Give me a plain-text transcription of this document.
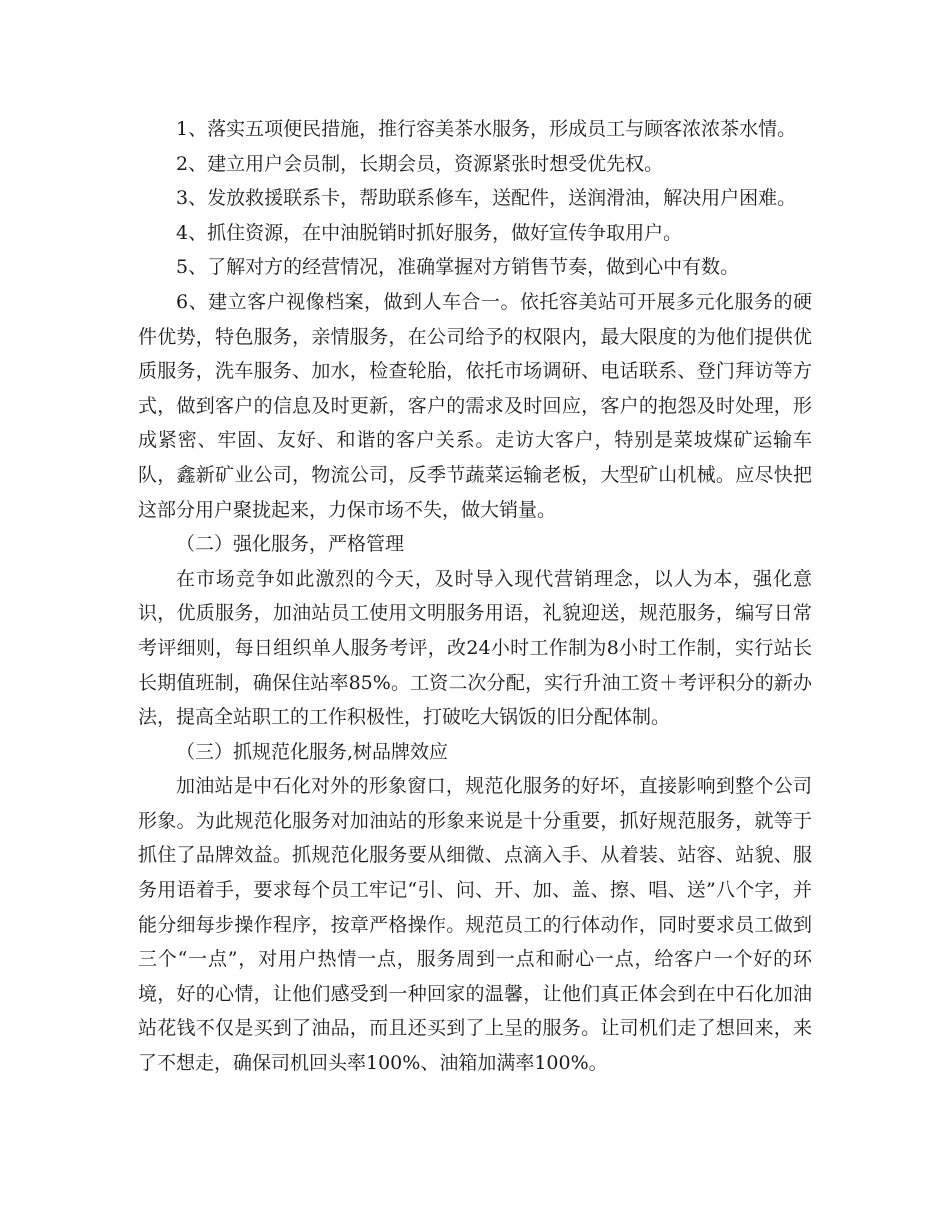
1、落实五项便民措施，推行容美茶水服务，形成员工与顾客浓浓茶水情。

2、建立用户会员制，长期会员，资源紧张时想受优先权。

3、发放救援联系卡，帮助联系修车，送配件，送润滑油，解决用户困难。

4、抓住资源，在中油脱销时抓好服务，做好宣传争取用户。

5、了解对方的经营情况，准确掌握对方销售节奏，做到心中有数。

6、建立客户视像档案，做到人车合一。依托容美站可开展多元化服务的硬件优势，特色服务，亲情服务，在公司给予的权限内，最大限度的为他们提供优质服务，洗车服务、加水，检查轮胎，依托市场调研、电话联系、登门拜访等方式，做到客户的信息及时更新，客户的需求及时回应，客户的抱怨及时处理，形成紧密、牢固、友好、和谐的客户关系。走访大客户，特别是菜坡煤矿运输车队，鑫新矿业公司，物流公司，反季节蔬菜运输老板，大型矿山机械。应尽快把这部分用户聚拢起来，力保市场不失，做大销量。

（二）强化服务，严格管理

在市场竞争如此激烈的今天，及时导入现代营销理念，以人为本，强化意识，优质服务，加油站员工使用文明服务用语，礼貌迎送，规范服务，编写日常考评细则，每日组织单人服务考评，改24小时工作制为8小时工作制，实行站长长期值班制，确保住站率85%。工资二次分配，实行升油工资＋考评积分的新办法，提高全站职工的工作积极性，打破吃大锅饭的旧分配体制。

（三）抓规范化服务,树品牌效应

加油站是中石化对外的形象窗口，规范化服务的好坏，直接影响到整个公司形象。为此规范化服务对加油站的形象来说是十分重要，抓好规范服务，就等于抓住了品牌效益。抓规范化服务要从细微、点滴入手、从着装、站容、站貌、服务用语着手，要求每个员工牢记“引、问、开、加、盖、擦、唱、送”八个字，并能分细每步操作程序，按章严格操作。规范员工的行体动作，同时要求员工做到三个“一点”，对用户热情一点，服务周到一点和耐心一点，给客户一个好的环境，好的心情，让他们感受到一种回家的温馨，让他们真正体会到在中石化加油站花钱不仅是买到了油品，而且还买到了上呈的服务。让司机们走了想回来，来了不想走，确保司机回头率100%、油箱加满率100%。
